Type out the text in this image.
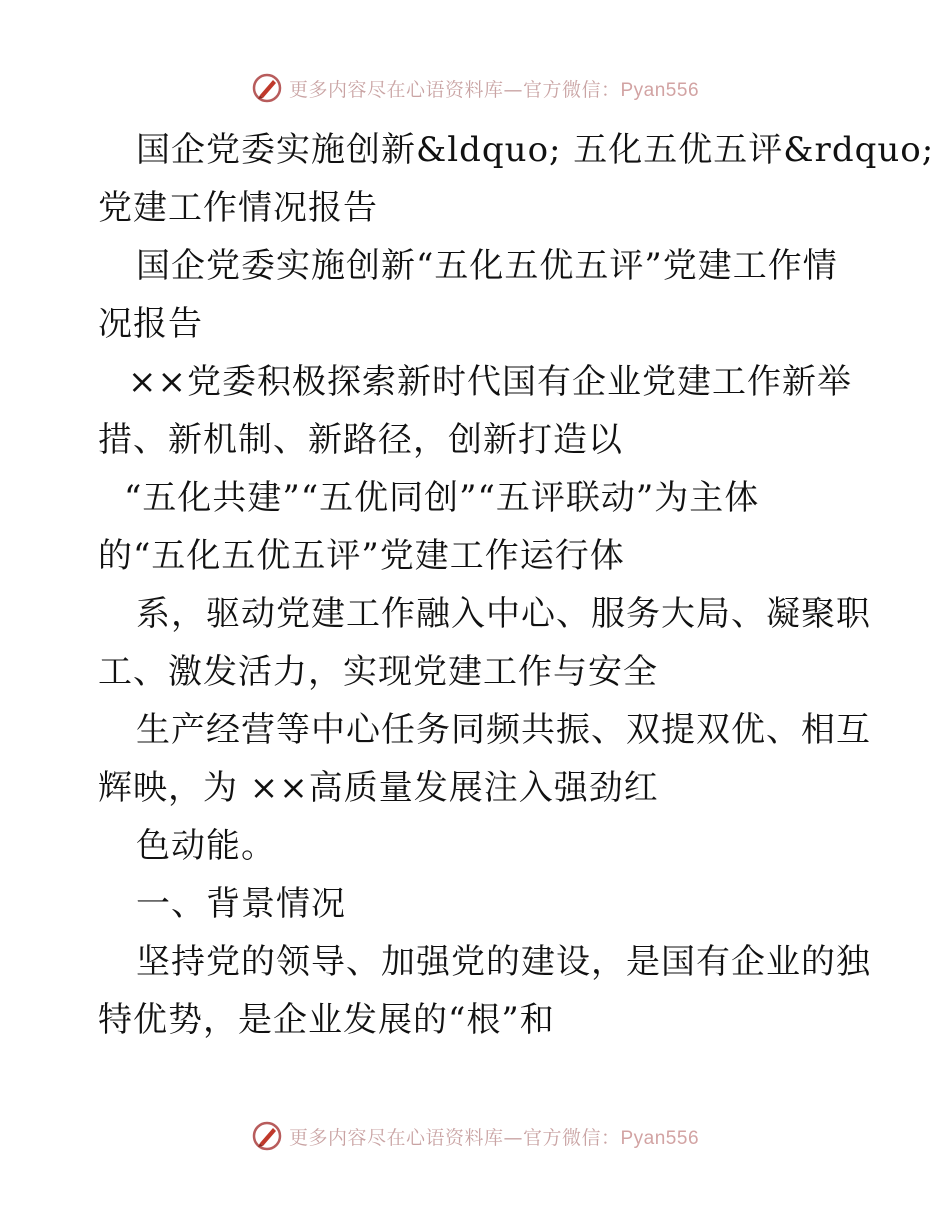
更多内容尽在心语资料库—官方微信：Pyan556
国企党委实施创新&ldquo; 五化五优五评&rdquo;
党建工作情况报告
国企党委实施创新“五化五优五评”党建工作情
况报告
××党委积极探索新时代国有企业党建工作新举
措、新机制、新路径，创新打造以
“五化共建”“五优同创”“五评联动”为主体
的“五化五优五评”党建工作运行体
系，驱动党建工作融入中心、服务大局、凝聚职
工、激发活力，实现党建工作与安全
生产经营等中心任务同频共振、双提双优、相互
辉映，为 ××高质量发展注入强劲红
色动能。
一、背景情况
坚持党的领导、加强党的建设，是国有企业的独
特优势，是企业发展的“根”和
更多内容尽在心语资料库—官方微信：Pyan556
